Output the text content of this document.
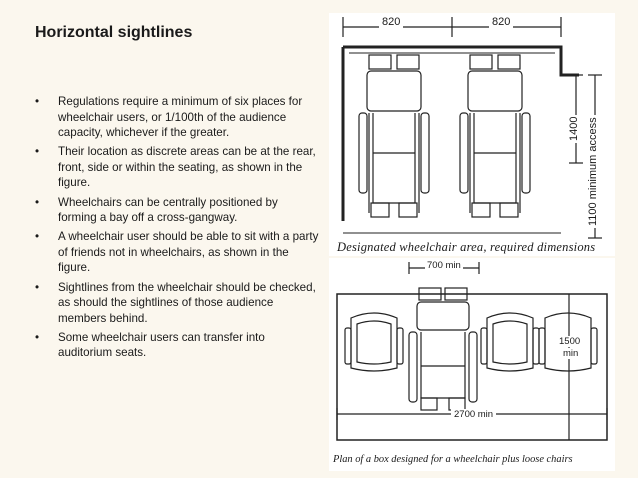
Horizontal sightlines
• Regulations require a minimum of six places for wheelchair users, or 1/100th of the audience capacity, whichever if the greater.
• Their location as discrete areas can be at the rear, front, side or within the seating, as shown in the figure.
• Wheelchairs can be centrally positioned by forming a bay off a cross-gangway.
• A wheelchair user should be able to sit with a party of friends not in wheelchairs, as shown in the figure.
• Sightlines from the wheelchair should be checked, as should the sightlines of those audience members behind.
• Some wheelchair users can transfer into auditorium seats.
820	820
1400 1100 minimum access
Designated wheelchair area, required dimensions
700 min
1500
min
2700 min
Plan of a box designed for a wheelchair plus loose chairs
